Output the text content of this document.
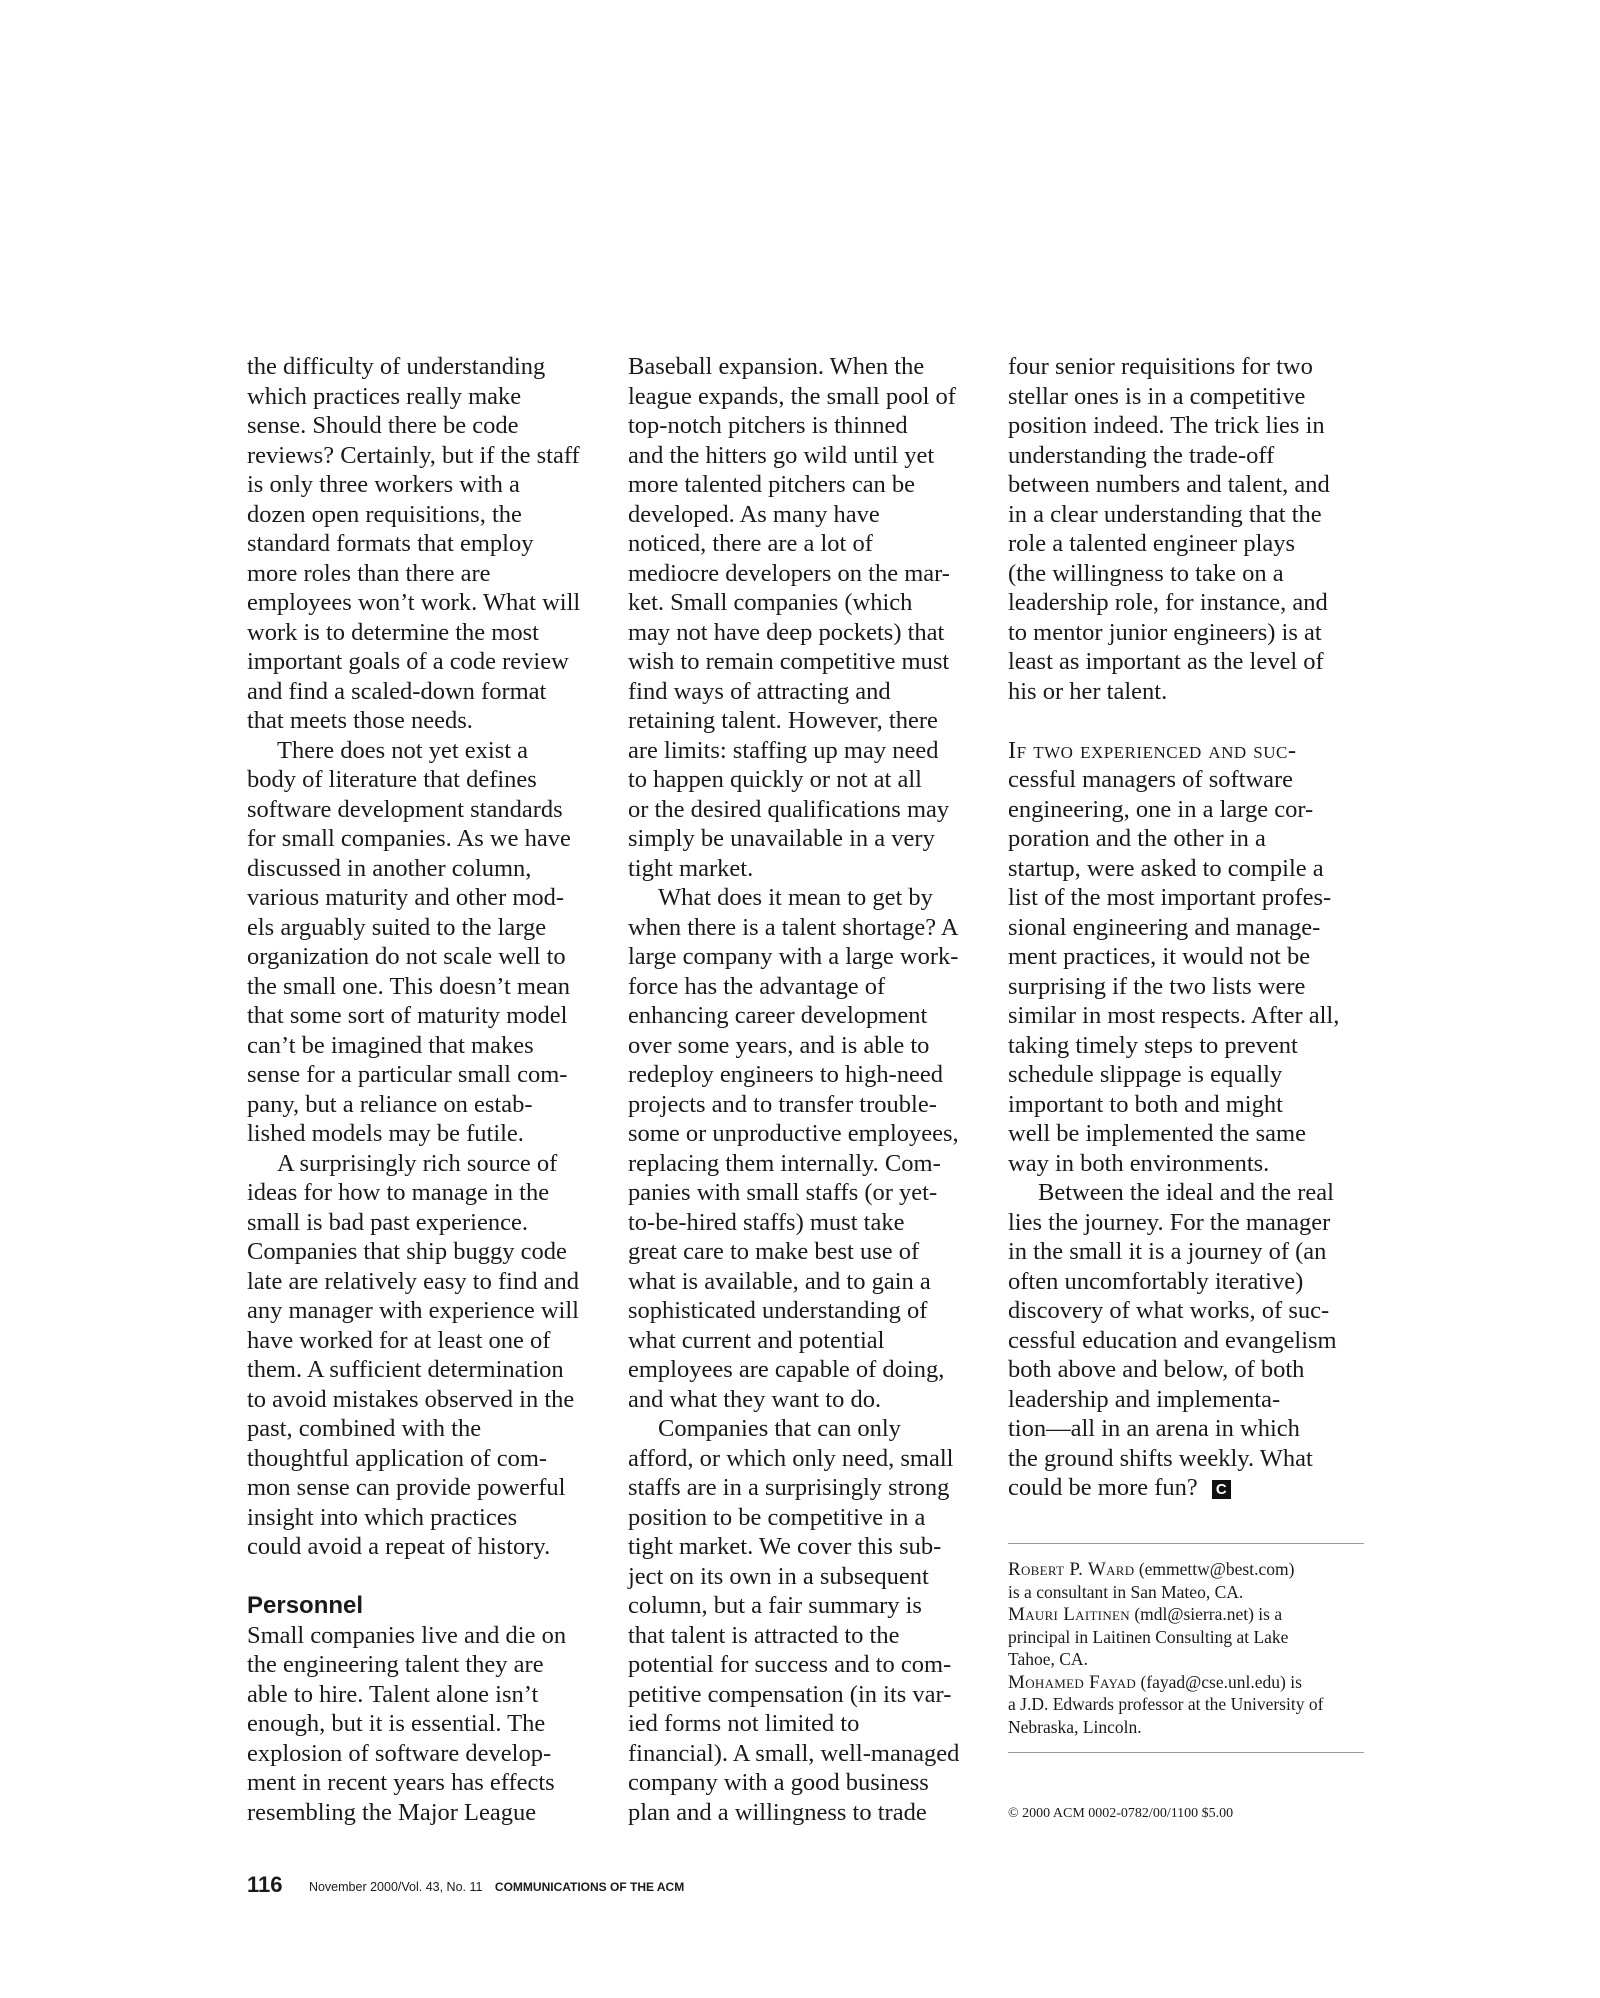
the difficulty of understanding
which practices really make
sense. Should there be code
reviews? Certainly, but if the staff
is only three workers with a
dozen open requisitions, the
standard formats that employ
more roles than there are
employees won’t work. What will
work is to determine the most
important goals of a code review
and find a scaled-down format
that meets those needs.
There does not yet exist a
body of literature that defines
software development standards
for small companies. As we have
discussed in another column,
various maturity and other mod-
els arguably suited to the large
organization do not scale well to
the small one. This doesn’t mean
that some sort of maturity model
can’t be imagined that makes
sense for a particular small com-
pany, but a reliance on estab-
lished models may be futile.
A surprisingly rich source of
ideas for how to manage in the
small is bad past experience.
Companies that ship buggy code
late are relatively easy to find and
any manager with experience will
have worked for at least one of
them. A sufficient determination
to avoid mistakes observed in the
past, combined with the
thoughtful application of com-
mon sense can provide powerful
insight into which practices
could avoid a repeat of history.
Personnel
Small companies live and die on
the engineering talent they are
able to hire. Talent alone isn’t
enough, but it is essential. The
explosion of software develop-
ment in recent years has effects
resembling the Major League
Baseball expansion. When the
league expands, the small pool of
top-notch pitchers is thinned
and the hitters go wild until yet
more talented pitchers can be
developed. As many have
noticed, there are a lot of
mediocre developers on the mar-
ket. Small companies (which
may not have deep pockets) that
wish to remain competitive must
find ways of attracting and
retaining talent. However, there
are limits: staffing up may need
to happen quickly or not at all
or the desired qualifications may
simply be unavailable in a very
tight market.
What does it mean to get by
when there is a talent shortage? A
large company with a large work-
force has the advantage of
enhancing career development
over some years, and is able to
redeploy engineers to high-need
projects and to transfer trouble-
some or unproductive employees,
replacing them internally. Com-
panies with small staffs (or yet-
to-be-hired staffs) must take
great care to make best use of
what is available, and to gain a
sophisticated understanding of
what current and potential
employees are capable of doing,
and what they want to do.
Companies that can only
afford, or which only need, small
staffs are in a surprisingly strong
position to be competitive in a
tight market. We cover this sub-
ject on its own in a subsequent
column, but a fair summary is
that talent is attracted to the
potential for success and to com-
petitive compensation (in its var-
ied forms not limited to
financial). A small, well-managed
company with a good business
plan and a willingness to trade
four senior requisitions for two
stellar ones is in a competitive
position indeed. The trick lies in
understanding the trade-off
between numbers and talent, and
in a clear understanding that the
role a talented engineer plays
(the willingness to take on a
leadership role, for instance, and
to mentor junior engineers) is at
least as important as the level of
his or her talent.
If two experienced and suc-
cessful managers of software
engineering, one in a large cor-
poration and the other in a
startup, were asked to compile a
list of the most important profes-
sional engineering and manage-
ment practices, it would not be
surprising if the two lists were
similar in most respects. After all,
taking timely steps to prevent
schedule slippage is equally
important to both and might
well be implemented the same
way in both environments.
Between the ideal and the real
lies the journey. For the manager
in the small it is a journey of (an
often uncomfortably iterative)
discovery of what works, of suc-
cessful education and evangelism
both above and below, of both
leadership and implementa-
tion—all in an arena in which
the ground shifts weekly. What
could be more fun? C
Robert P. Ward (emmettw@best.com)
is a consultant in San Mateo, CA.
Mauri Laitinen (mdl@sierra.net) is a
principal in Laitinen Consulting at Lake
Tahoe, CA.
Mohamed Fayad (fayad@cse.unl.edu) is
a J.D. Edwards professor at the University of
Nebraska, Lincoln.
© 2000 ACM 0002-0782/00/1100 $5.00
116 November 2000/Vol. 43, No. 11 COMMUNICATIONS OF THE ACM
